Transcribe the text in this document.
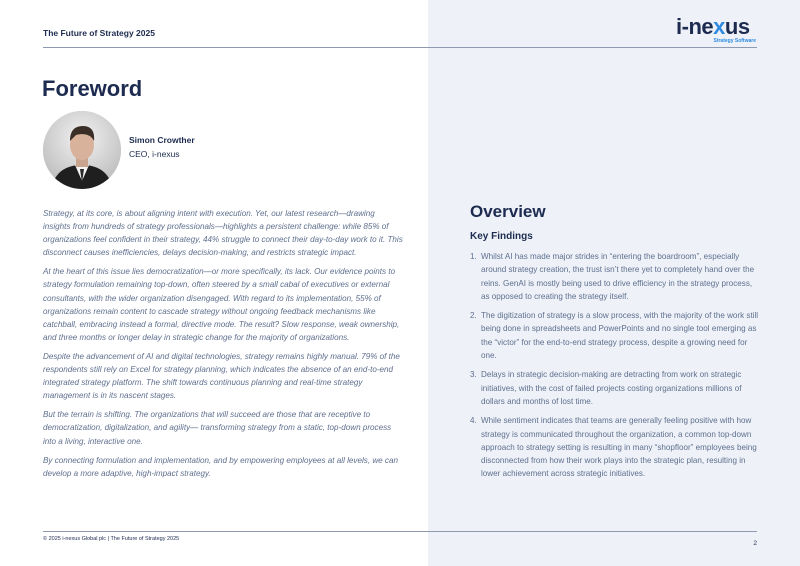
The Future of Strategy 2025	i-nexus
Strategy Software
Foreword
Simon Crowther
CEO, i-nexus

Strategy, at its core, is about aligning intent with execution. Yet, our latest research—drawing insights from hundreds of strategy professionals—highlights a persistent challenge: while 85% of organizations feel confident in their strategy, 44% struggle to connect their day-to-day work to it. This disconnect causes inefficiencies, delays decision-making, and restricts strategic impact.

At the heart of this issue lies democratization—or more specifically, its lack. Our evidence points to strategy formulation remaining top-down, often steered by a small cabal of executives or external consultants, with the wider organization disengaged. With regard to its implementation, 55% of organizations remain content to cascade strategy without ongoing feedback mechanisms like catchball, embracing instead a formal, directive mode. The result? Slow response, weak ownership, and three months or longer delay in strategic change for the majority of organizations.

Despite the advancement of AI and digital technologies, strategy remains highly manual. 79% of the respondents still rely on Excel for strategy planning, which indicates the absence of an end-to-end integrated strategy platform. The shift towards continuous planning and real-time strategy management is in its nascent stages.

But the terrain is shifting. The organizations that will succeed are those that are receptive to democratization, digitalization, and agility— transforming strategy from a static, top-down process into a living, interactive one.

By connecting formulation and implementation, and by empowering employees at all levels, we can develop a more adaptive, high-impact strategy.

Overview
Key Findings
1. Whilst AI has made major strides in “entering the boardroom”, especially around strategy creation, the trust isn’t there yet to completely hand over the reins. GenAI is mostly being used to drive efficiency in the strategy process, as opposed to creating the strategy itself.
2. The digitization of strategy is a slow process, with the majority of the work still being done in spreadsheets and PowerPoints and no single tool emerging as the “victor” for the end-to-end strategy process, despite a growing need for one.
3. Delays in strategic decision-making are detracting from work on strategic initiatives, with the cost of failed projects costing organizations millions of dollars and months of lost time.
4. While sentiment indicates that teams are generally feeling positive with how strategy is communicated throughout the organization, a common top-down approach to strategy setting is resulting in many “shopfloor” employees being disconnected from how their work plays into the strategic plan, resulting in lower achievement across strategic initiatives.
© 2025 i-nexus Global plc | The Future of Strategy 2025
2
